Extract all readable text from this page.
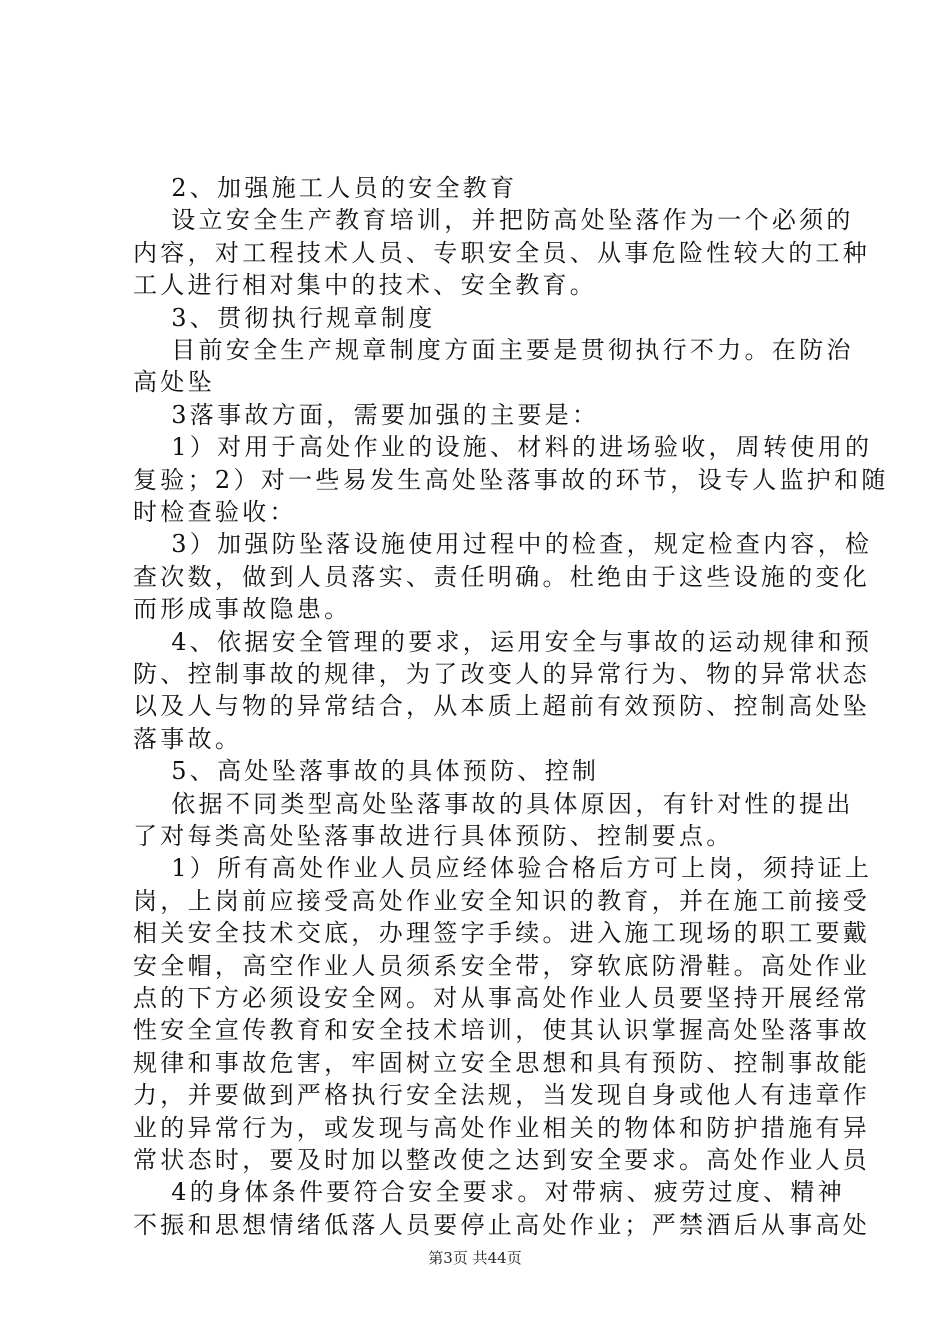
　 2、加强施工人员的安全教育
　 设立安全生产教育培训，并把防高处坠落作为一个必须的
内容，对工程技术人员、专职安全员、从事危险性较大的工种
工人进行相对集中的技术、安全教育。
　 3、贯彻执行规章制度
　 目前安全生产规章制度方面主要是贯彻执行不力。在防治
高处坠
　 3落事故方面，需要加强的主要是：
　 1）对用于高处作业的设施、材料的进场验收，周转使用的
复验；2）对一些易发生高处坠落事故的环节，设专人监护和随
时检查验收：
　 3）加强防坠落设施使用过程中的检查，规定检查内容，检
查次数，做到人员落实、责任明确。杜绝由于这些设施的变化
而形成事故隐患。
　 4、依据安全管理的要求，运用安全与事故的运动规律和预
防、控制事故的规律，为了改变人的异常行为、物的异常状态
以及人与物的异常结合，从本质上超前有效预防、控制高处坠
落事故。
　 5、高处坠落事故的具体预防、控制
　 依据不同类型高处坠落事故的具体原因，有针对性的提出
了对每类高处坠落事故进行具体预防、控制要点。
　 1）所有高处作业人员应经体验合格后方可上岗，须持证上
岗，上岗前应接受高处作业安全知识的教育，并在施工前接受
相关安全技术交底，办理签字手续。进入施工现场的职工要戴
安全帽，高空作业人员须系安全带，穿软底防滑鞋。高处作业
点的下方必须设安全网。对从事高处作业人员要坚持开展经常
性安全宣传教育和安全技术培训，使其认识掌握高处坠落事故
规律和事故危害，牢固树立安全思想和具有预防、控制事故能
力，并要做到严格执行安全法规，当发现自身或他人有违章作
业的异常行为，或发现与高处作业相关的物体和防护措施有异
常状态时，要及时加以整改使之达到安全要求。高处作业人员
　 4的身体条件要符合安全要求。对带病、疲劳过度、精神
不振和思想情绪低落人员要停止高处作业；严禁酒后从事高处
第3页 共44页
